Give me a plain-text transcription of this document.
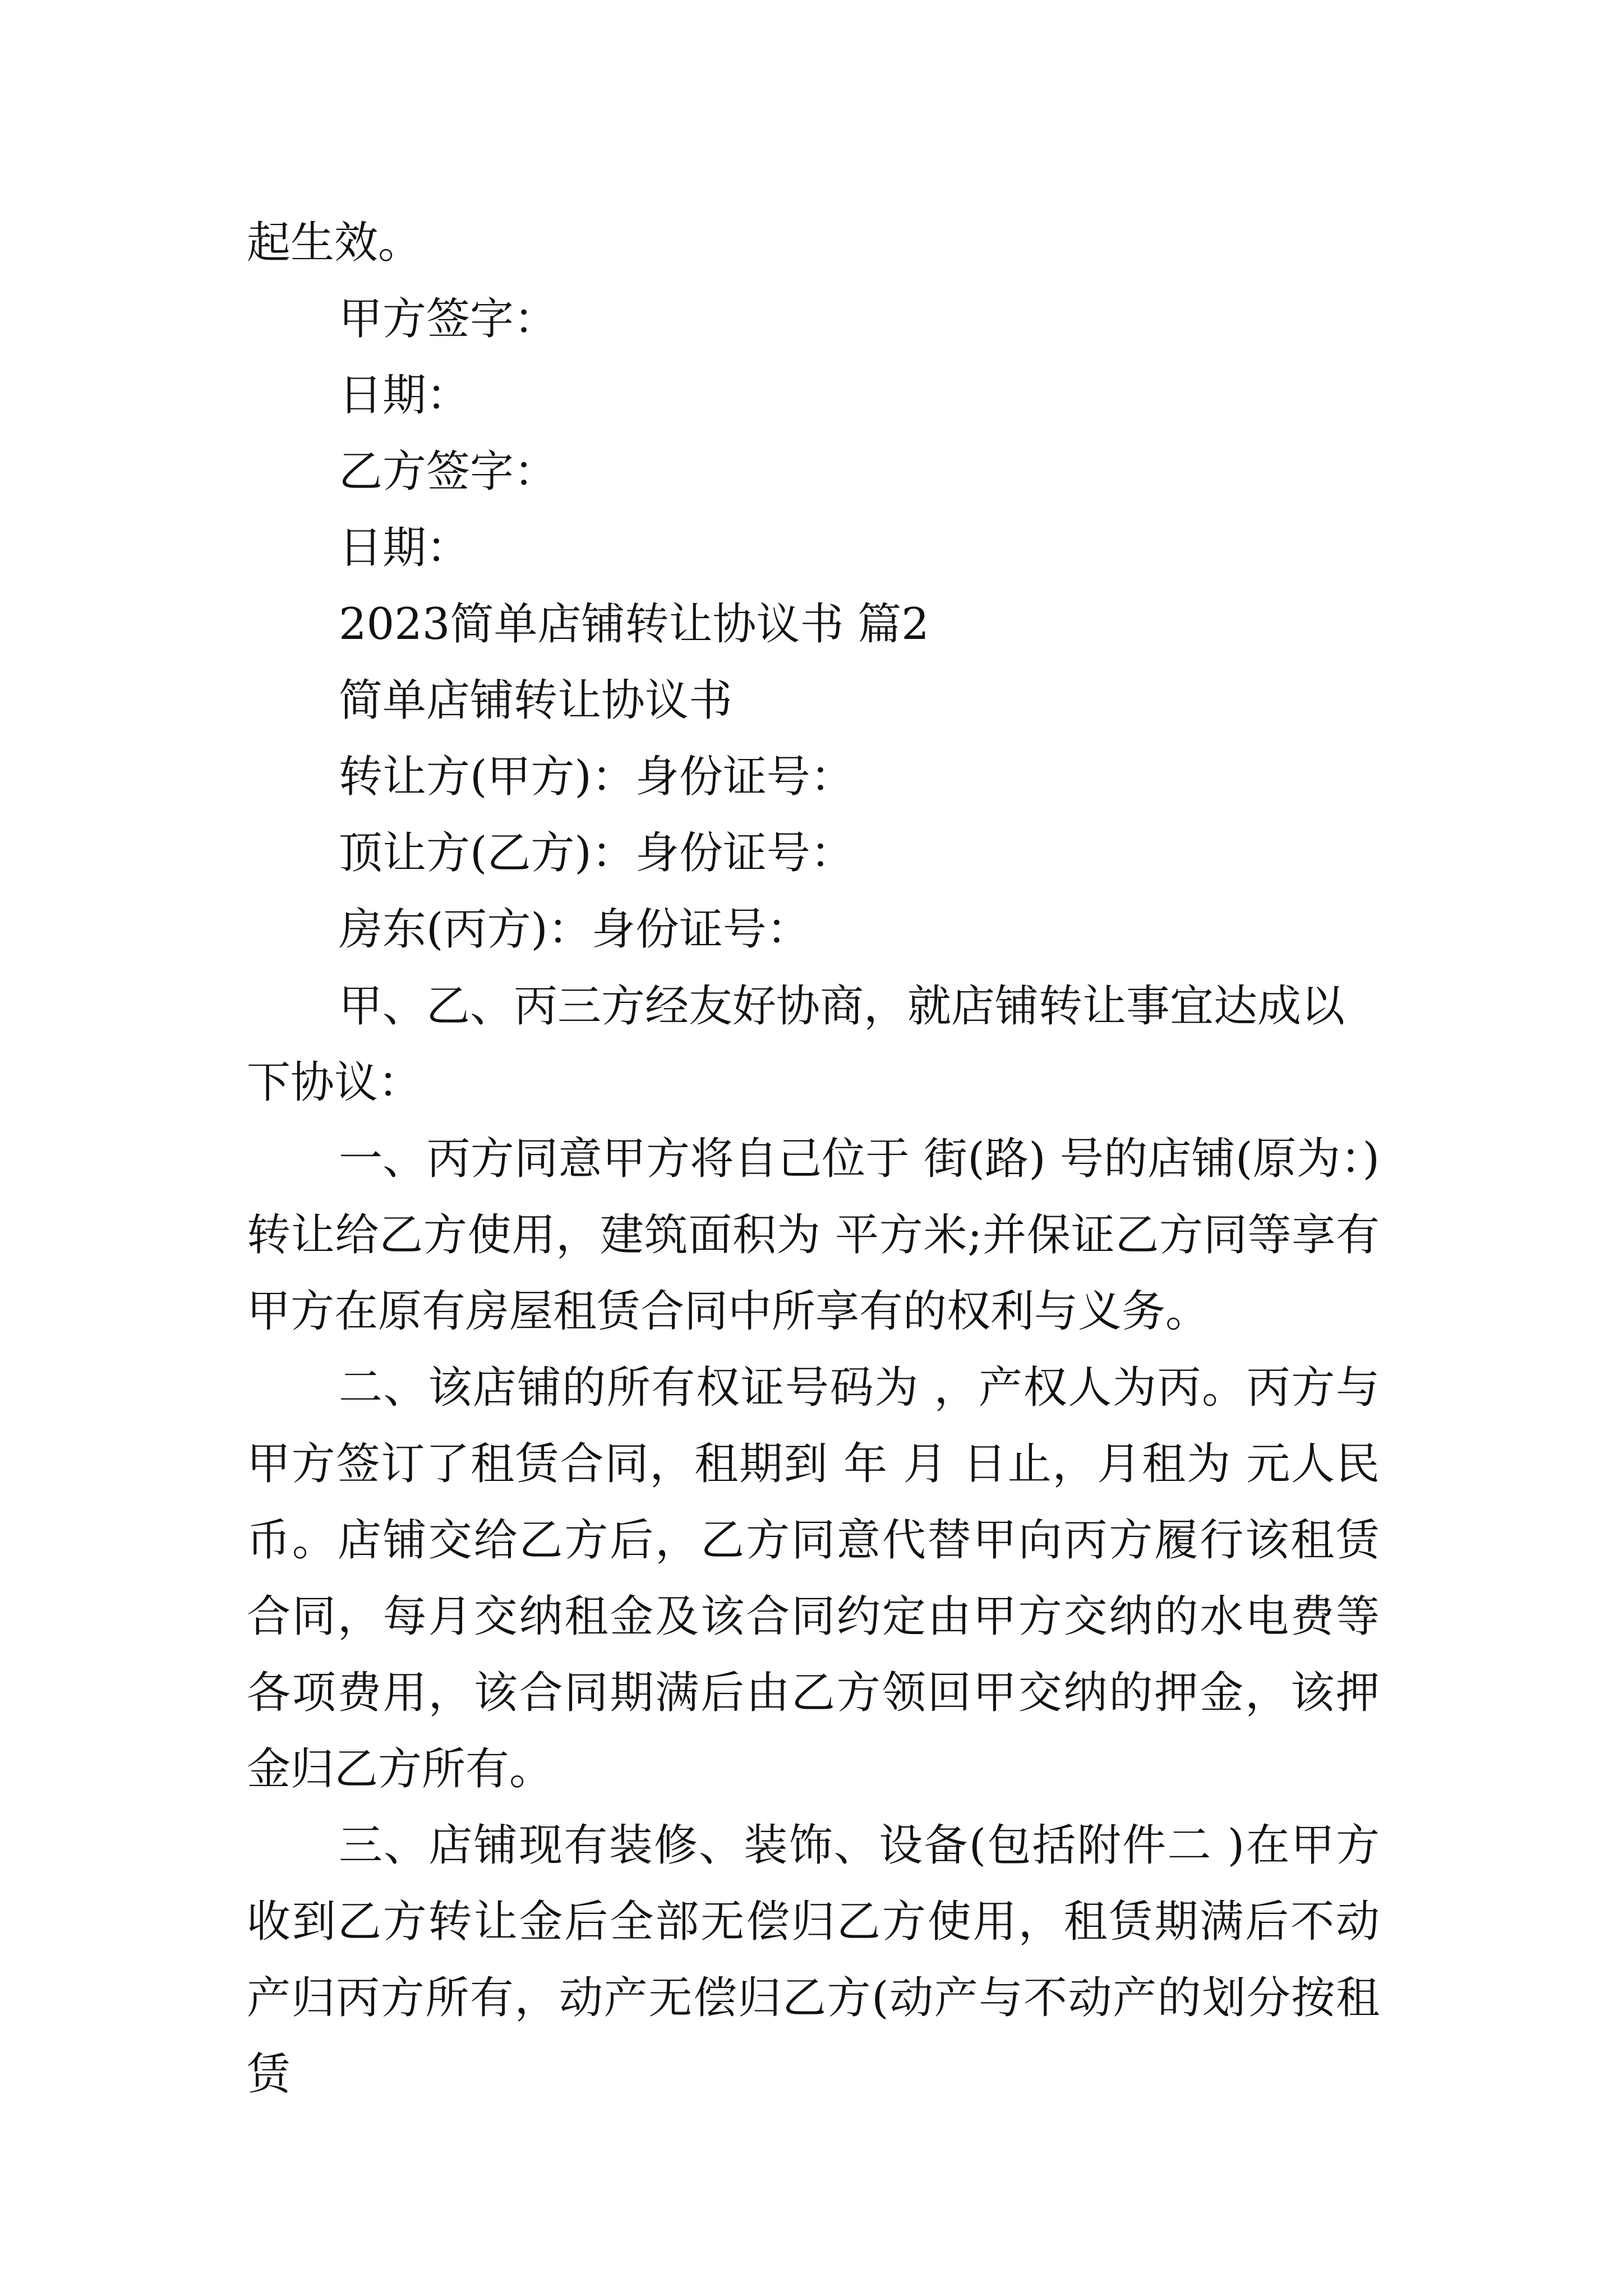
起生效。
甲方签字：
日期：
乙方签字：
日期：
2023简单店铺转让协议书 篇2
简单店铺转让协议书
转让方(甲方)：身份证号：
顶让方(乙方)：身份证号：
房东(丙方)：身份证号：
甲、乙、丙三方经友好协商，就店铺转让事宜达成以下协议：
一、丙方同意甲方将自己位于 街(路) 号的店铺(原为：)转让给乙方使用，建筑面积为 平方米;并保证乙方同等享有甲方在原有房屋租赁合同中所享有的权利与义务。
二、该店铺的所有权证号码为 ，产权人为丙。丙方与甲方签订了租赁合同，租期到 年 月 日止，月租为 元人民币。店铺交给乙方后，乙方同意代替甲向丙方履行该租赁合同，每月交纳租金及该合同约定由甲方交纳的水电费等各项费用，该合同期满后由乙方领回甲交纳的押金，该押金归乙方所有。
三、店铺现有装修、装饰、设备(包括附件二 )在甲方收到乙方转让金后全部无偿归乙方使用，租赁期满后不动产归丙方所有，动产无偿归乙方(动产与不动产的划分按租赁
